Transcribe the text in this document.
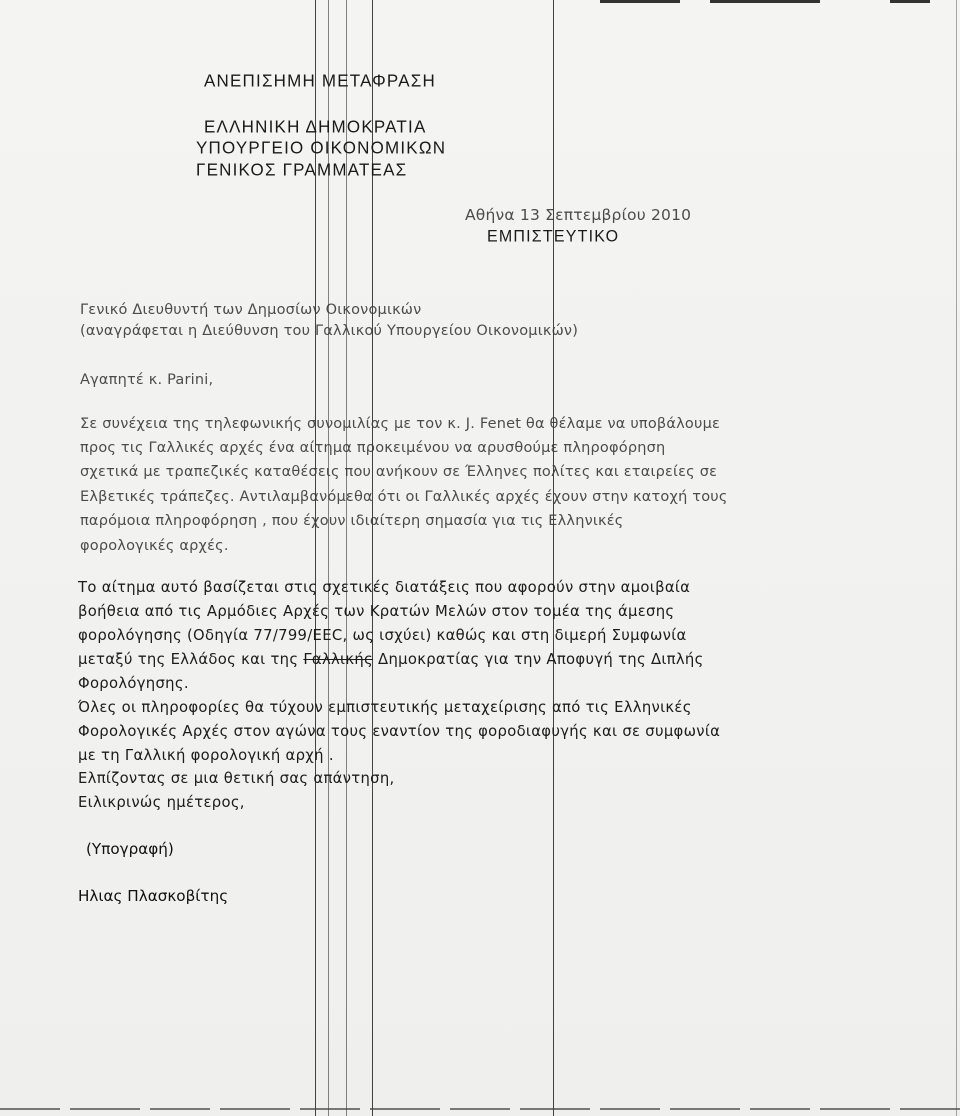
ΑΝΕΠΙΣΗΜΗ ΜΕΤΑΦΡΑΣΗ
ΕΛΛΗΝΙΚΗ ΔΗΜΟΚΡΑΤΙΑ
ΥΠΟΥΡΓΕΙΟ ΟΙΚΟΝΟΜΙΚΩΝ
ΓΕΝΙΚΟΣ ΓΡΑΜΜΑΤΕΑΣ
Αθήνα 13 Σεπτεμβρίου 2010
ΕΜΠΙΣΤΕΥΤΙΚΟ
Γενικό Διευθυντή των Δημοσίων Οικονομικών
(αναγράφεται η Διεύθυνση του Γαλλικού Υπουργείου Οικονομικών)
Αγαπητέ κ. Parini,
Σε συνέχεια της τηλεφωνικής συνομιλίας με τον κ. J. Fenet θα θέλαμε να υποβάλουμε
προς τις Γαλλικές αρχές ένα αίτημα προκειμένου να αρυσθούμε πληροφόρηση
σχετικά με τραπεζικές καταθέσεις που ανήκουν σε Έλληνες πολίτες και εταιρείες σε
Ελβετικές τράπεζες. Αντιλαμβανόμεθα ότι οι Γαλλικές αρχές έχουν στην κατοχή τους
παρόμοια πληροφόρηση , που έχουν ιδιαίτερη σημασία για τις Ελληνικές
φορολογικές αρχές.
Το αίτημα αυτό βασίζεται στις σχετικές διατάξεις που αφορούν στην αμοιβαία
βοήθεια από τις Αρμόδιες Αρχές των Κρατών Μελών στον τομέα της άμεσης
φορολόγησης (Οδηγία 77/799/ΕΕC, ως ισχύει) καθώς και στη διμερή Συμφωνία
μεταξύ της Ελλάδος και της Γαλλικής Δημοκρατίας για την Αποφυγή της Διπλής
Φορολόγησης.
Όλες οι πληροφορίες θα τύχουν εμπιστευτικής μεταχείρισης από τις Ελληνικές
Φορολογικές Αρχές στον αγώνα τους εναντίον της φοροδιαφυγής και σε συμφωνία
με τη Γαλλική φορολογική αρχή .
Ελπίζοντας σε μια θετική σας απάντηση,
Ειλικρινώς ημέτερος,
(Υπογραφή)
Ηλιας Πλασκοβίτης
